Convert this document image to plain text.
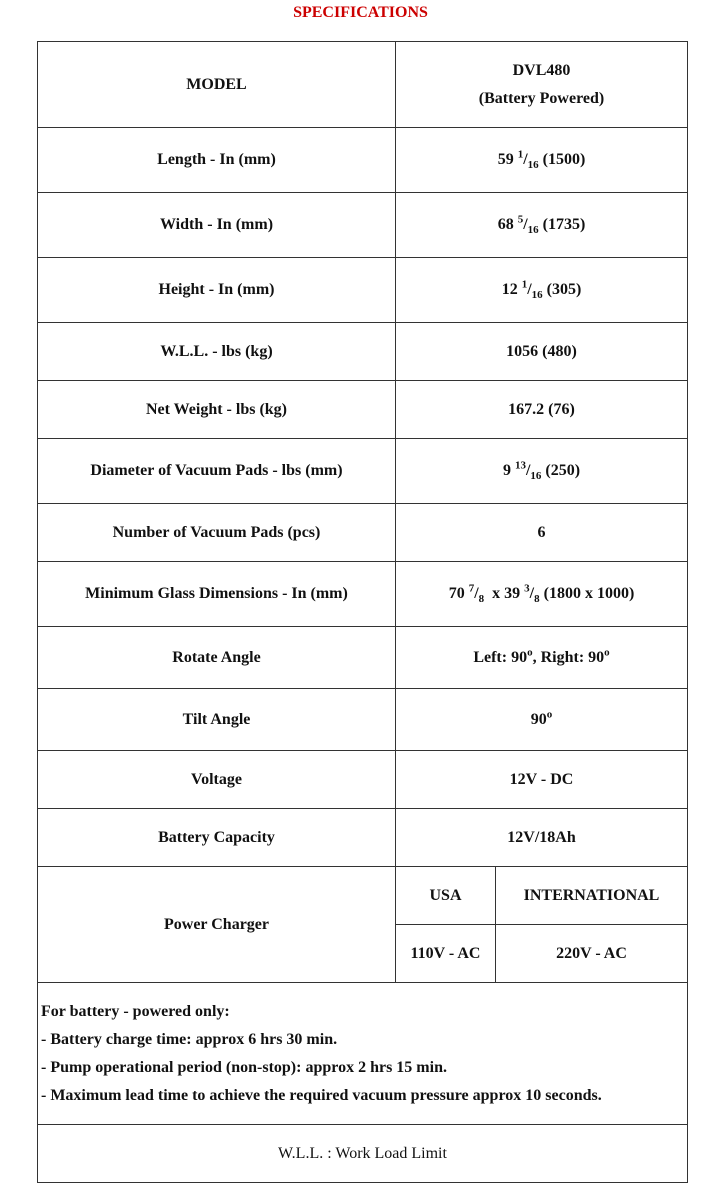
SPECIFICATIONS
MODEL	DVL480
(Battery Powered)	

Length - In (mm)	59 $^1/_{16}$ (1500)	
Width - In (mm)	68 $^5/_{16}$ (1735)	
Height - In (mm)	12 $^1/_{16}$ (305)	
W.L.L. - lbs (kg)	1056 (480)	
Net Weight - lbs (kg)	167.2 (76)	
Diameter of Vacuum Pads - lbs (mm)	9 $^{13}/_{16}$ (250)	
Number of Vacuum Pads (pcs)	6	
Minimum Glass Dimensions - In (mm)	70 $^7/_8$ x 39 $^3/_8$ (1800 x 1000)	
Rotate Angle	Left: 90$^o$, Right: 90$^o$
Tilt Angle	90$^o$
Voltage	12V - DC	
Battery Capacity	12V/18Ah	
Power Charger	USA	INTERNATIONAL
	110V - AC	220V - AC

For battery - powered only:
- Battery charge time: approx 6 hrs 30 min.
- Pump operational period (non-stop): approx 2 hrs 15 min.
- Maximum lead time to achieve the required vacuum pressure approx 10 seconds.		

W.L.L. : Work Load Limit		
